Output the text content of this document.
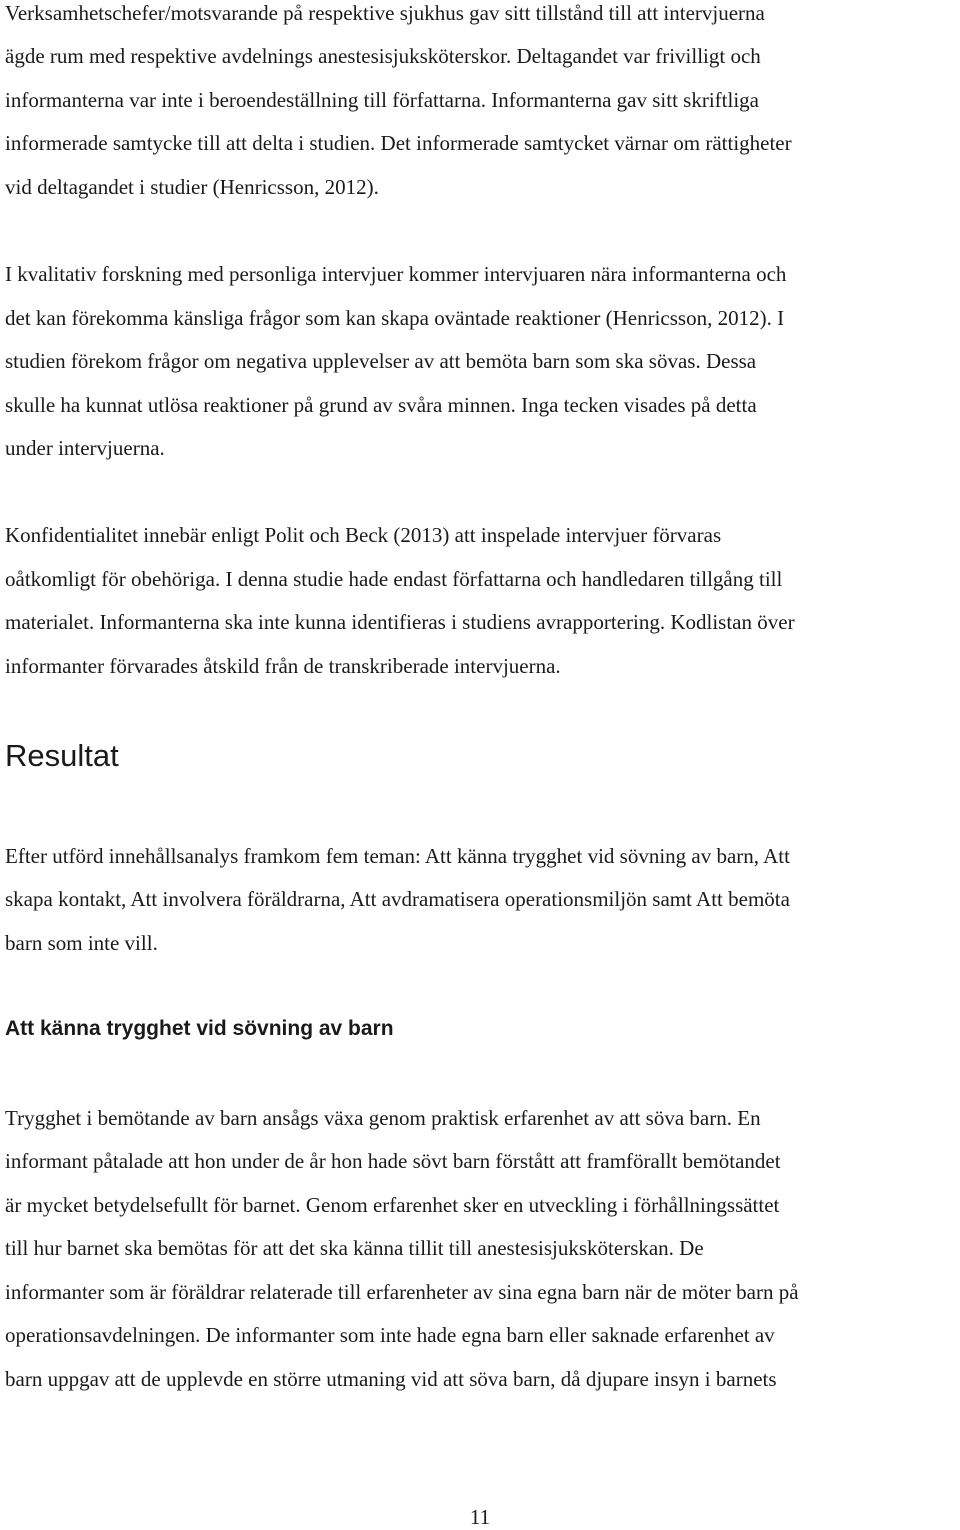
Verksamhetschefer/motsvarande på respektive sjukhus gav sitt tillstånd till att intervjuerna
ägde rum med respektive avdelnings anestesisjuksköterskor. Deltagandet var frivilligt och
informanterna var inte i beroendeställning till författarna. Informanterna gav sitt skriftliga
informerade samtycke till att delta i studien. Det informerade samtycket värnar om rättigheter
vid deltagandet i studier (Henricsson, 2012).
I kvalitativ forskning med personliga intervjuer kommer intervjuaren nära informanterna och
det kan förekomma känsliga frågor som kan skapa oväntade reaktioner (Henricsson, 2012). I
studien förekom frågor om negativa upplevelser av att bemöta barn som ska sövas. Dessa
skulle ha kunnat utlösa reaktioner på grund av svåra minnen. Inga tecken visades på detta
under intervjuerna.
Konfidentialitet innebär enligt Polit och Beck (2013) att inspelade intervjuer förvaras
oåtkomligt för obehöriga. I denna studie hade endast författarna och handledaren tillgång till
materialet. Informanterna ska inte kunna identifieras i studiens avrapportering. Kodlistan över
informanter förvarades åtskild från de transkriberade intervjuerna.
Resultat
Efter utförd innehållsanalys framkom fem teman: Att känna trygghet vid sövning av barn, Att
skapa kontakt, Att involvera föräldrarna, Att avdramatisera operationsmiljön samt Att bemöta
barn som inte vill.
Att känna trygghet vid sövning av barn
Trygghet i bemötande av barn ansågs växa genom praktisk erfarenhet av att söva barn. En
informant påtalade att hon under de år hon hade sövt barn förstått att framförallt bemötandet
är mycket betydelsefullt för barnet. Genom erfarenhet sker en utveckling i förhållningssättet
till hur barnet ska bemötas för att det ska känna tillit till anestesisjuksköterskan. De
informanter som är föräldrar relaterade till erfarenheter av sina egna barn när de möter barn på
operationsavdelningen. De informanter som inte hade egna barn eller saknade erfarenhet av
barn uppgav att de upplevde en större utmaning vid att söva barn, då djupare insyn i barnets
11
